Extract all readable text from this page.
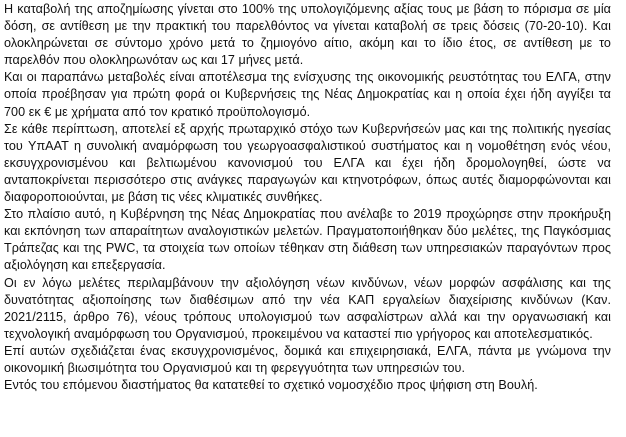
Η καταβολή της αποζημίωσης γίνεται στο 100% της υπολογιζόμενης αξίας τους με βάση το πόρισμα σε μία δόση, σε αντίθεση με την πρακτική του παρελθόντος να γίνεται καταβολή σε τρεις δόσεις (70-20-10). Και ολοκληρώνεται σε σύντομο χρόνο μετά το ζημιογόνο αίτιο, ακόμη και το ίδιο έτος, σε αντίθεση με το παρελθόν που ολοκληρωνόταν ως και 17 μήνες μετά.

Και οι παραπάνω μεταβολές είναι αποτέλεσμα της ενίσχυσης της οικονομικής ρευστότητας του ΕΛΓΑ, στην οποία προέβησαν για πρώτη φορά οι Κυβερνήσεις της Νέας Δημοκρατίας και η οποία έχει ήδη αγγίξει τα 700 εκ € με χρήματα από τον κρατικό προϋπολογισμό.

Σε κάθε περίπτωση, αποτελεί εξ αρχής πρωταρχικό στόχο των Κυβερνήσεών μας και της πολιτικής ηγεσίας του ΥπΑΑΤ η συνολική αναμόρφωση του γεωργοασφαλιστικού συστήματος και η νομοθέτηση ενός νέου, εκσυγχρονισμένου και βελτιωμένου κανονισμού του ΕΛΓΑ και έχει ήδη δρομολογηθεί, ώστε να ανταποκρίνεται περισσότερο στις ανάγκες παραγωγών και κτηνοτρόφων, όπως αυτές διαμορφώνονται και διαφοροποιούνται, με βάση τις νέες κλιματικές συνθήκες.

Στο πλαίσιο αυτό, η Κυβέρνηση της Νέας Δημοκρατίας που ανέλαβε το 2019 προχώρησε στην προκήρυξη και εκπόνηση των απαραίτητων αναλογιστικών μελετών. Πραγματοποιήθηκαν δύο μελέτες, της Παγκόσμιας Τράπεζας και της PWC, τα στοιχεία των οποίων τέθηκαν στη διάθεση των υπηρεσιακών παραγόντων προς αξιολόγηση και επεξεργασία.

Οι εν λόγω μελέτες περιλαμβάνουν την αξιολόγηση νέων κινδύνων, νέων μορφών ασφάλισης και της δυνατότητας αξιοποίησης των διαθέσιμων από την νέα ΚΑΠ εργαλείων διαχείρισης κινδύνων (Καν. 2021/2115, άρθρο 76), νέους τρόπους υπολογισμού των ασφαλίστρων αλλά και την οργανωσιακή και τεχνολογική αναμόρφωση του Οργανισμού, προκειμένου να καταστεί πιο γρήγορος και αποτελεσματικός.

Επί αυτών σχεδιάζεται ένας εκσυγχρονισμένος, δομικά και επιχειρησιακά, ΕΛΓΑ, πάντα με γνώμονα την οικονομική βιωσιμότητα του Οργανισμού και τη φερεγγυότητα των υπηρεσιών του.

Εντός του επόμενου διαστήματος θα κατατεθεί το σχετικό νομοσχέδιο προς ψήφιση στη Βουλή.
